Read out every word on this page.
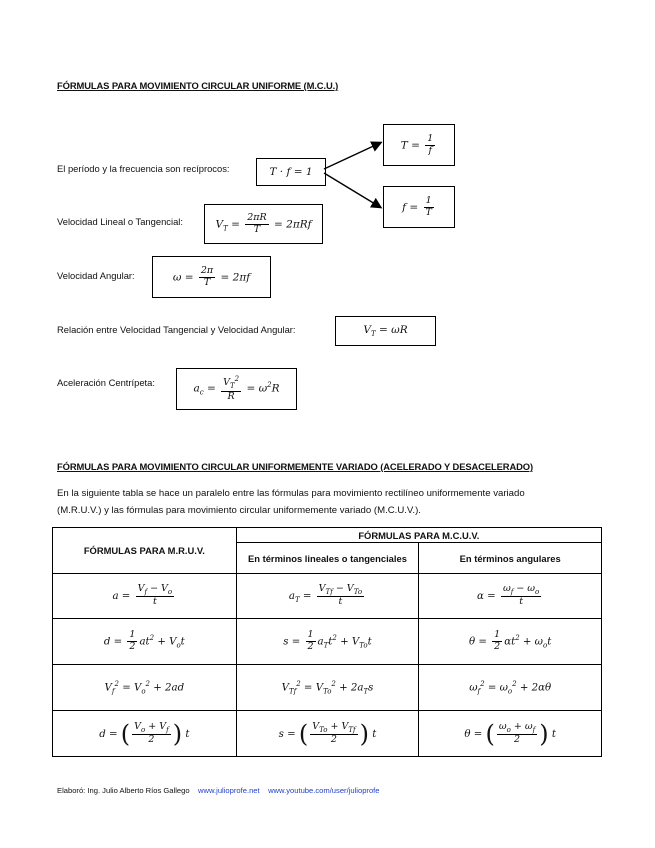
FÓRMULAS PARA MOVIMIENTO CIRCULAR UNIFORME (M.C.U.)
El período y la frecuencia son recíprocos:	T · f = 1
$T = \frac{1}{f}$
$f = \frac{1}{T}$
Velocidad Lineal o Tangencial:	$V_T = \frac{2\pi R}{T} = 2\pi Rf$
Velocidad Angular:	$\omega = \frac{2\pi}{T} = 2\pi f$
Relación entre Velocidad Tangencial y Velocidad Angular:	$V_T = \omega R$
Aceleración Centrípeta:
$a_c = \frac{V_T^2}{R} = \omega^2R$
FÓRMULAS PARA MOVIMIENTO CIRCULAR UNIFORMEMENTE VARIADO (ACELERADO Y DESACELERADO)
En la siguiente tabla se hace un paralelo entre las fórmulas para movimiento rectilíneo uniformemente variado
(M.R.U.V.) y las fórmulas para movimiento circular uniformemente variado (M.C.U.V.).
FÓRMULAS PARA M.R.U.V.	FÓRMULAS PARA M.C.U.V.	
	En términos lineales o tangenciales	En términos angulares
$a = \frac{V_f - V_o}{t}$	$a_T = \frac{V_{Tf} - V_{To}}{t}$	$\alpha = \frac{\omega_f - \omega_o}{t}$

$d = \frac{1}{2} at^2 + V_ot$	$s = \frac{1}{2} a_Tt^2 + V_{To}t$	$\theta = \frac{1}{2} \alpha t^2 + \omega_ot$
$V_f^2 = V_o^2 + 2ad$	$V_{Tf}^2 = V_{To}^2 + 2a_Ts$	$\omega_f^2 = \omega_o^2 + 2\alpha\theta$
d = ( $\frac{V_o + V_f}{2}$ ) t	s = ( $\frac{V_{To} + V_{Tf}}{2}$ ) t	θ = ( $\frac{\omega_o + \omega_f}{2}$ ) t
Elaboró: Ing. Julio Alberto Ríos Gallego www.julioprofe.net www.youtube.com/user/julioprofe
